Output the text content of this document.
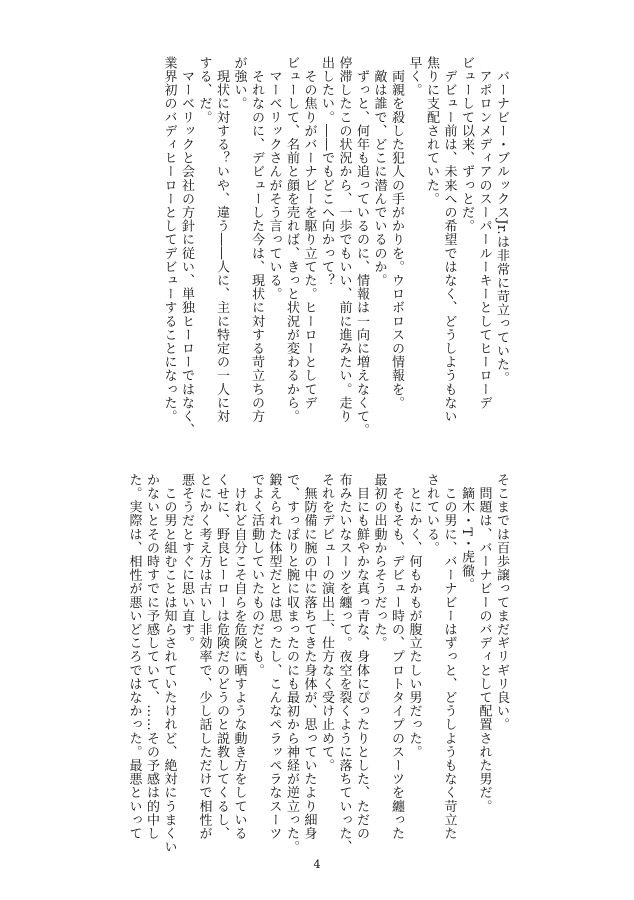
　バーナビー・ブルックスJr.は非常に苛立っていた。

　アポロンメディアのスーパールーキーとしてヒーローデ

ビューして以来、ずっとだ。

　デビュー前は、未来への希望ではなく、どうしようもない

焦りに支配されていた。

早く。

　両親を殺した犯人の手がかりを。ウロボロスの情報を。

　敵は誰で、どこに潜んでいるのか。

　ずっと、何年も追っているのに、情報は一向に増えなくて。

停滞したこの状況から、一歩でもいい、前に進みたい。走り

出したい。――でもどこへ向かって？

　その焦りがバーナビーを駆り立てた。ヒーローとしてデ

ビューして、名前と顔を売れば、きっと状況が変わるから。

　マーベリックさんがそう言っている。

　それなのに、デビューした今は、現状に対する苛立ちの方

が強い。

　現状に対する？いや、違う――人に、主に特定の一人に対

する、だ。

　マーベリックと会社の方針に従い、単独ヒーローではなく、

業界初のバディヒーローとしてデビューすることになった。

そこまでは百歩譲ってまだギリギリ良い。

　問題は、バーナビーのバディとして配置された男だ。

　鏑木・T・虎徹。

　この男に、バーナビーはずっと、どうしようもなく苛立た

されている。

　とにかく、何もかもが腹立たしい男だった。

　そもそも、デビュー時の、プロトタイプのスーツを纏った

最初の出動からそうだった。

　目にも鮮やかな真っ青な、身体にぴったりとした、ただの

布みたいなスーツを纏って。夜空を裂くように落ちていった、

それをデビューの演出上、仕方なく受け止めて。

　無防備に腕の中に落ちてきた身体が、思っていたより細身

で、すっぽりと腕に収まったのにも最初から神経が逆立った。

鍛えられた体型だとは思ったし、こんなペラッペラなスーツ

でよく活動していたものだとも。

　けれど自分こそ自らを危険に晒すような動き方をしている

くせに、野良ヒーローは危険だのどうのと説教してくるし、

とにかく考え方は古いし非効率で、少し話しただけで相性が

悪そうだとすぐに思い直す。

　この男と組むことは知らされていたけれど、絶対にうまくい

かないとその時すでに予感していて、……その予感は的中し

た。実際は、相性が悪いどころではなかった。最悪といって

4
